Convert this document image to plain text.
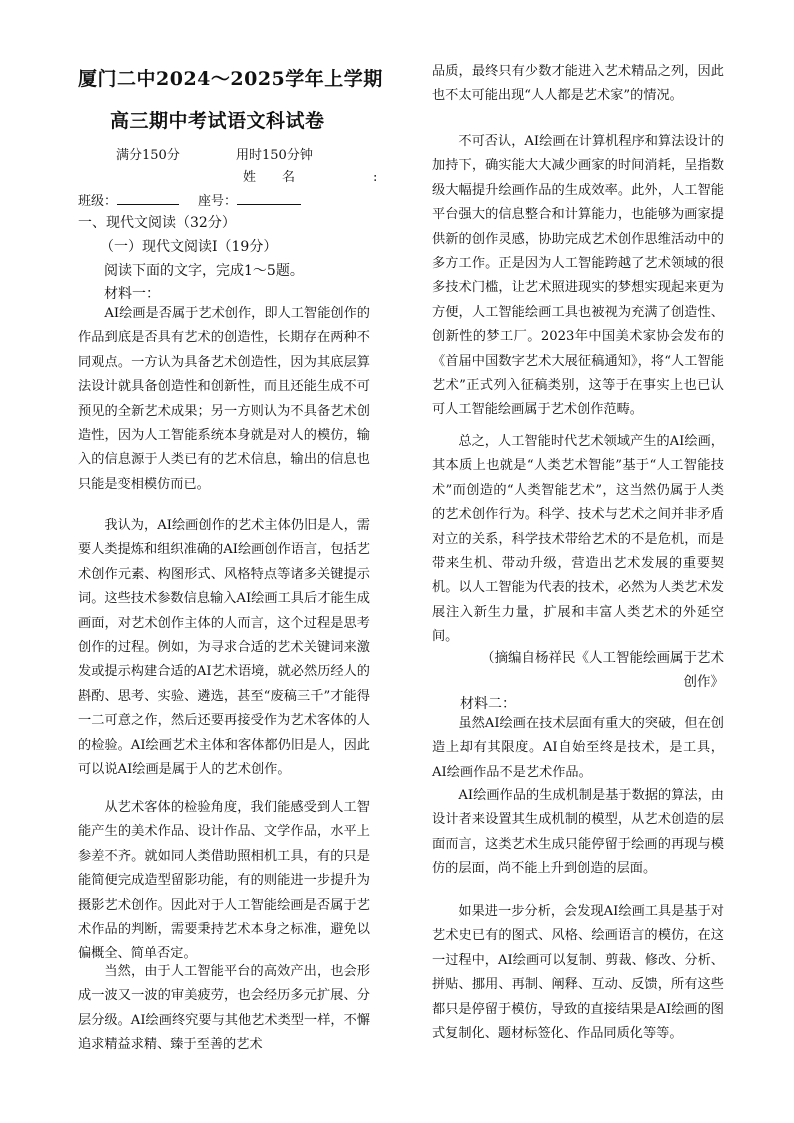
厦门二中2024～2025学年上学期
高三期中考试语文科试卷
满分150分	用时150分钟
姓　　名　　　　　　:
班级：	座号：
一、现代文阅读（32分）
（一）现代文阅读Ⅰ（19分）
阅读下面的文字，完成1～5题。
材料一：

AI绘画是否属于艺术创作，即人工智能创作的作品到底是否具有艺术的创造性，长期存在两种不同观点。一方认为具备艺术创造性，因为其底层算法设计就具备创造性和创新性，而且还能生成不可预见的全新艺术成果；另一方则认为不具备艺术创造性，因为人工智能系统本身就是对人的模仿，输入的信息源于人类已有的艺术信息，输出的信息也只能是变相模仿而已。

我认为，AI绘画创作的艺术主体仍旧是人，需要人类提炼和组织准确的AI绘画创作语言，包括艺术创作元素、构图形式、风格特点等诸多关键提示词。这些技术参数信息输入AI绘画工具后才能生成画面，对艺术创作主体的人而言，这个过程是思考创作的过程。例如，为寻求合适的艺术关键词来激发或提示构建合适的AI艺术语境，就必然历经人的斟酌、思考、实验、遴选，甚至“废稿三千”才能得一二可意之作，然后还要再接受作为艺术客体的人的检验。AI绘画艺术主体和客体都仍旧是人，因此可以说AI绘画是属于人的艺术创作。

从艺术客体的检验角度，我们能感受到人工智能产生的美术作品、设计作品、文学作品，水平上参差不齐。就如同人类借助照相机工具，有的只是能简便完成造型留影功能，有的则能进一步提升为摄影艺术创作。因此对于人工智能绘画是否属于艺术作品的判断，需要秉持艺术本身之标准，避免以偏概全、简单否定。

当然，由于人工智能平台的高效产出，也会形成一波又一波的审美疲劳，也会经历多元扩展、分层分级。AI绘画终究要与其他艺术类型一样，不懈追求精益求精、臻于至善的艺术

品质，最终只有少数才能进入艺术精品之列，因此也不太可能出现“人人都是艺术家”的情况。

不可否认，AI绘画在计算机程序和算法设计的加持下，确实能大大减少画家的时间消耗，呈指数级大幅提升绘画作品的生成效率。此外，人工智能平台强大的信息整合和计算能力，也能够为画家提供新的创作灵感，协助完成艺术创作思维活动中的多方工作。正是因为人工智能跨越了艺术领域的很多技术门槛，让艺术照进现实的梦想实现起来更为方便，人工智能绘画工具也被视为充满了创造性、创新性的梦工厂。2023年中国美术家协会发布的《首届中国数字艺术大展征稿通知》，将“人工智能艺术”正式列入征稿类别，这等于在事实上也已认可人工智能绘画属于艺术创作范畴。

总之，人工智能时代艺术领域产生的AI绘画，其本质上也就是“人类艺术智能”基于“人工智能技术”而创造的“人类智能艺术”，这当然仍属于人类的艺术创作行为。科学、技术与艺术之间并非矛盾对立的关系，科学技术带给艺术的不是危机，而是带来生机、带动升级，营造出艺术发展的重要契机。以人工智能为代表的技术，必然为人类艺术发展注入新生力量，扩展和丰富人类艺术的外延空间。

（摘编自杨祥民《人工智能绘画属于艺术创作》

材料二：

虽然AI绘画在技术层面有重大的突破，但在创造上却有其限度。AI自始至终是技术，是工具，AI绘画作品不是艺术作品。

AI绘画作品的生成机制是基于数据的算法，由设计者来设置其生成机制的模型，从艺术创造的层面而言，这类艺术生成只能停留于绘画的再现与模仿的层面，尚不能上升到创造的层面。

如果进一步分析，会发现AI绘画工具是基于对艺术史已有的图式、风格、绘画语言的模仿，在这一过程中，AI绘画可以复制、剪裁、修改、分析、拼贴、挪用、再制、阐释、互动、反馈，所有这些都只是停留于模仿，导致的直接结果是AI绘画的图式复制化、题材标签化、作品同质化等等。
